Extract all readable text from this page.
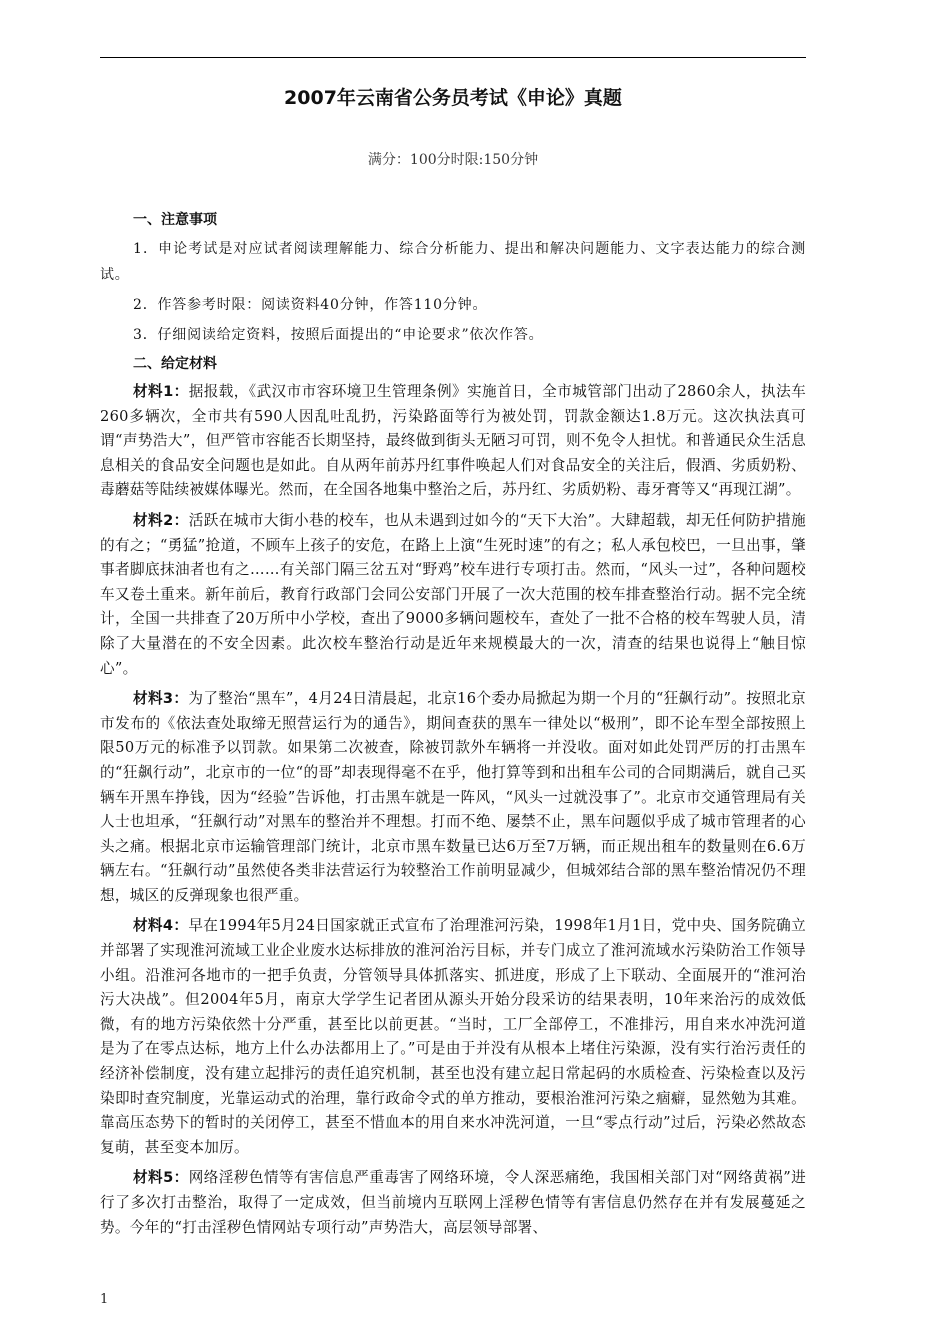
2007年云南省公务员考试《申论》真题
满分：100分时限:150分钟
一、注意事项

1．申论考试是对应试者阅读理解能力、综合分析能力、提出和解决问题能力、文字表达能力的综合测试。

2．作答参考时限：阅读资料40分钟，作答110分钟。

3．仔细阅读给定资料，按照后面提出的“申论要求”依次作答。

二、给定材料

材料1：据报载，《武汉市市容环境卫生管理条例》实施首日，全市城管部门出动了2860余人，执法车260多辆次，全市共有590人因乱吐乱扔，污染路面等行为被处罚，罚款金额达1.8万元。这次执法真可谓“声势浩大”，但严管市容能否长期坚持，最终做到街头无陋习可罚，则不免令人担忧。和普通民众生活息息相关的食品安全问题也是如此。自从两年前苏丹红事件唤起人们对食品安全的关注后，假酒、劣质奶粉、毒蘑菇等陆续被媒体曝光。然而，在全国各地集中整治之后，苏丹红、劣质奶粉、毒牙膏等又“再现江湖”。

材料2：活跃在城市大街小巷的校车，也从未遇到过如今的“天下大治”。大肆超载，却无任何防护措施的有之；“勇猛”抢道，不顾车上孩子的安危，在路上上演“生死时速”的有之；私人承包校巴，一旦出事，肇事者脚底抹油者也有之……有关部门隔三岔五对“野鸡”校车进行专项打击。然而，“风头一过”，各种问题校车又卷土重来。新年前后，教育行政部门会同公安部门开展了一次大范围的校车排查整治行动。据不完全统计，全国一共排查了20万所中小学校，查出了9000多辆问题校车，查处了一批不合格的校车驾驶人员，清除了大量潜在的不安全因素。此次校车整治行动是近年来规模最大的一次，清查的结果也说得上“触目惊心”。

材料3：为了整治“黑车”，4月24日清晨起，北京16个委办局掀起为期一个月的“狂飙行动”。按照北京市发布的《依法查处取缔无照营运行为的通告》，期间查获的黑车一律处以“极刑”，即不论车型全部按照上限50万元的标准予以罚款。如果第二次被查，除被罚款外车辆将一并没收。面对如此处罚严厉的打击黑车的“狂飙行动”，北京市的一位“的哥”却表现得毫不在乎，他打算等到和出租车公司的合同期满后，就自己买辆车开黑车挣钱，因为“经验”告诉他，打击黑车就是一阵风，“风头一过就没事了”。北京市交通管理局有关人士也坦承，“狂飙行动”对黑车的整治并不理想。打而不绝、屡禁不止，黑车问题似乎成了城市管理者的心头之痛。根据北京市运输管理部门统计，北京市黑车数量已达6万至7万辆，而正规出租车的数量则在6.6万辆左右。“狂飙行动”虽然使各类非法营运行为较整治工作前明显减少，但城郊结合部的黑车整治情况仍不理想，城区的反弹现象也很严重。

材料4：早在1994年5月24日国家就正式宣布了治理淮河污染，1998年1月1日，党中央、国务院确立并部署了实现淮河流域工业企业废水达标排放的淮河治污目标，并专门成立了淮河流域水污染防治工作领导小组。沿淮河各地市的一把手负责，分管领导具体抓落实、抓进度，形成了上下联动、全面展开的“淮河治污大决战”。但2004年5月，南京大学学生记者团从源头开始分段采访的结果表明，10年来治污的成效低微，有的地方污染依然十分严重，甚至比以前更甚。“当时，工厂全部停工，不准排污，用自来水冲洗河道是为了在零点达标，地方上什么办法都用上了。”可是由于并没有从根本上堵住污染源，没有实行治污责任的经济补偿制度，没有建立起排污的责任追究机制，甚至也没有建立起日常起码的水质检查、污染检查以及污染即时查究制度，光靠运动式的治理，靠行政命令式的单方推动，要根治淮河污染之痼癖，显然勉为其难。靠高压态势下的暂时的关闭停工，甚至不惜血本的用自来水冲洗河道，一旦“零点行动”过后，污染必然故态复萌，甚至变本加厉。

材料5：网络淫秽色情等有害信息严重毒害了网络环境，令人深恶痛绝，我国相关部门对“网络黄祸”进行了多次打击整治，取得了一定成效，但当前境内互联网上淫秽色情等有害信息仍然存在并有发展蔓延之势。今年的“打击淫秽色情网站专项行动”声势浩大，高层领导部署、

1
